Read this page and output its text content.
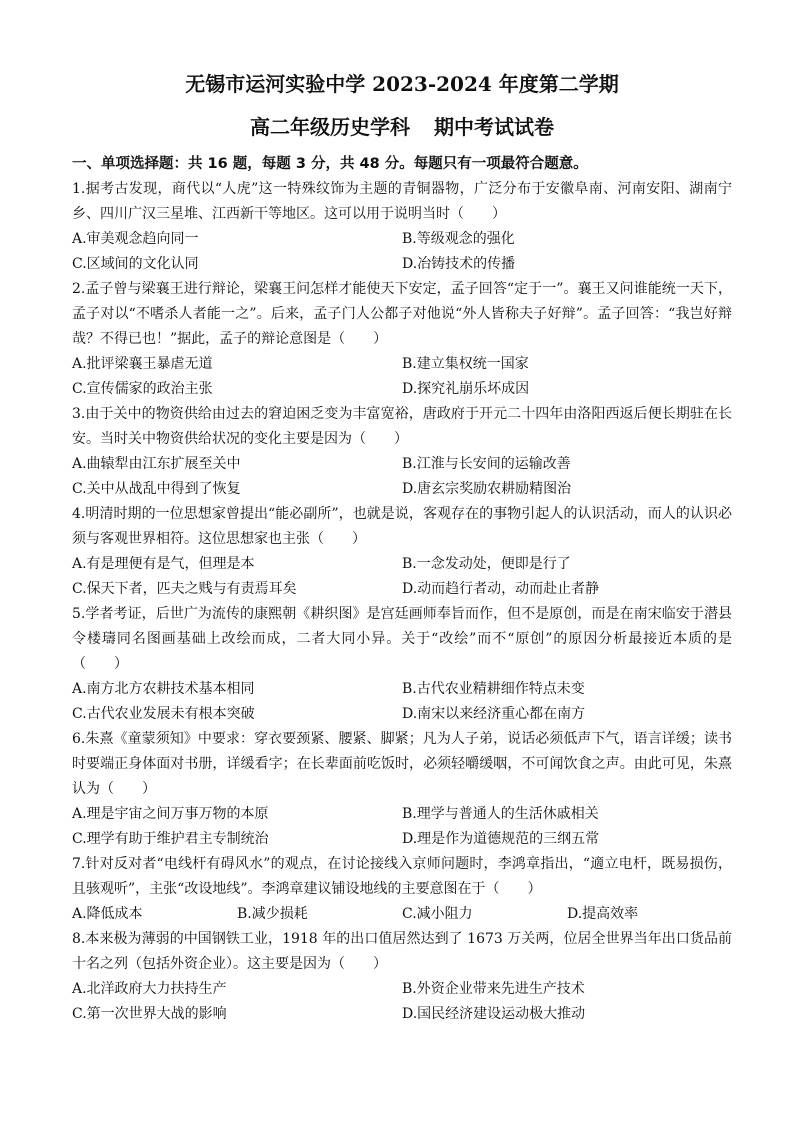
无锡市运河实验中学 2023-2024 年度第二学期
高二年级历史学科 期中考试试卷
一、单项选择题：共 16 题，每题 3 分，共 48 分。每题只有一项最符合题意。

1.据考古发现，商代以“人虎”这一特殊纹饰为主题的青铜器物，广泛分布于安徽阜南、河南安阳、湖南宁乡、四川广汉三星堆、江西新干等地区。这可以用于说明当时（　　）

A.审美观念趋向同一	B.等级观念的强化
C.区域间的文化认同	D.冶铸技术的传播

2.孟子曾与梁襄王进行辩论，梁襄王问怎样才能使天下安定，孟子回答“定于一”。襄王又问谁能统一天下，孟子对以“不嗜杀人者能一之”。后来，孟子门人公都子对他说“外人皆称夫子好辩”。孟子回答：“我岂好辩哉？不得已也！”据此，孟子的辩论意图是（　　）

A.批评梁襄王暴虐无道	B.建立集权统一国家
C.宣传儒家的政治主张	D.探究礼崩乐坏成因

3.由于关中的物资供给由过去的窘迫困乏变为丰富宽裕，唐政府于开元二十四年由洛阳西返后便长期驻在长安。当时关中物资供给状况的变化主要是因为（　　）

A.曲辕犁由江东扩展至关中	B.江淮与长安间的运输改善
C.关中从战乱中得到了恢复	D.唐玄宗奖励农耕励精图治

4.明清时期的一位思想家曾提出“能必副所”，也就是说，客观存在的事物引起人的认识活动，而人的认识必须与客观世界相符。这位思想家也主张（　　）

A.有是理便有是气，但理是本	B.一念发动处，便即是行了
C.保天下者，匹夫之贱与有责焉耳矣	D.动而趋行者动，动而赴止者静

5.学者考证，后世广为流传的康熙朝《耕织图》是宫廷画师奉旨而作，但不是原创，而是在南宋临安于潜县令楼璹同名图画基础上改绘而成，二者大同小异。关于“改绘”而不“原创”的原因分析最接近本质的是（　　）

A.南方北方农耕技术基本相同	B.古代农业精耕细作特点未变
C.古代农业发展未有根本突破	D.南宋以来经济重心都在南方

6.朱熹《童蒙须知》中要求：穿衣要颈紧、腰紧、脚紧；凡为人子弟，说话必须低声下气，语言详缓；读书时要端正身体面对书册，详缓看字；在长辈面前吃饭时，必须轻嚼缓咽，不可闻饮食之声。由此可见，朱熹认为（　　）

A.理是宇宙之间万事万物的本原	B.理学与普通人的生活休戚相关
C.理学有助于维护君主专制统治	D.理是作为道德规范的三纲五常

7.针对反对者“电线杆有碍风水”的观点，在讨论接线入京师问题时，李鸿章指出，“適立电杆，既易损伤，且骇观听”，主张“改设地线”。李鸿章建议铺设地线的主要意图在于（　　）

A.降低成本	B.减少损耗	C.减小阻力	D.提高效率

8.本来极为薄弱的中国钢铁工业，1918 年的出口值居然达到了 1673 万关两，位居全世界当年出口货品前十名之列（包括外资企业）。这主要是因为（　　）

A.北洋政府大力扶持生产	B.外资企业带来先进生产技术
C.第一次世界大战的影响	D.国民经济建设运动极大推动
